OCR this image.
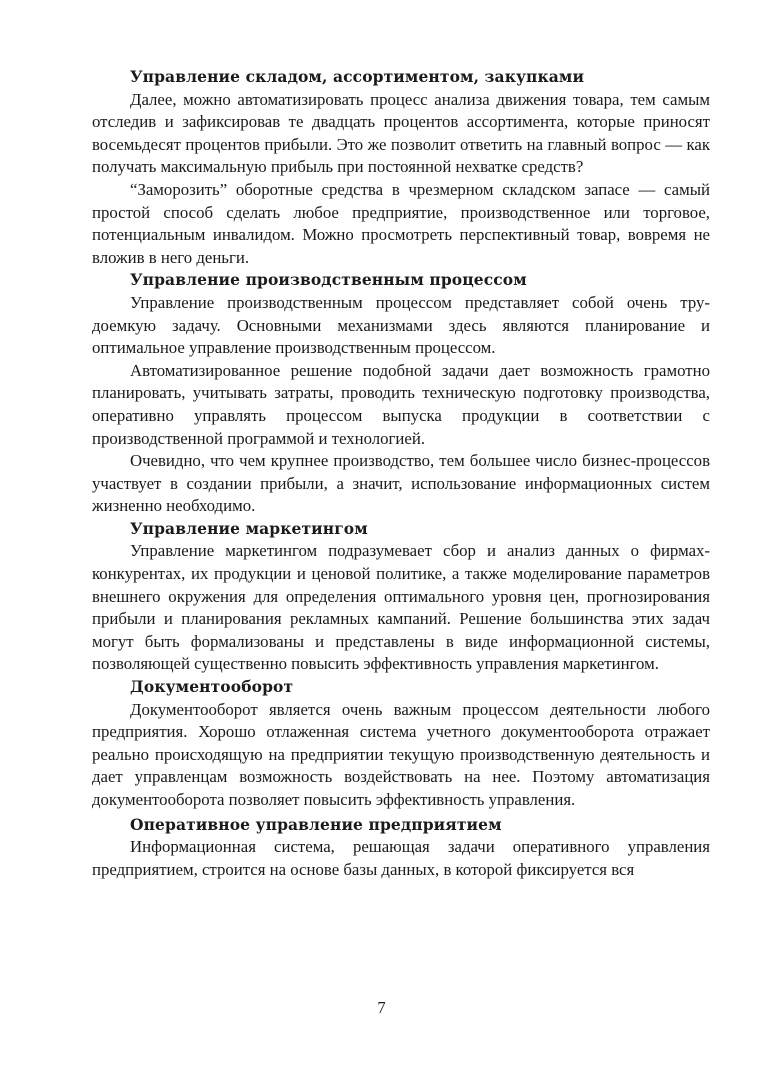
Управление складом, ассортиментом, закупками

Далее, можно автоматизировать процесс анализа движения товара, тем самым отследив и зафиксировав те двадцать процентов ассортимента, которые приносят восемьдесят процентов прибыли. Это же позволит ответить на главный вопрос — как получать максимальную прибыль при постоянной нехватке средств?

“Заморозить” оборотные средства в чрезмерном складском запасе — самый простой способ сделать любое предприятие, производственное или торговое, потенциальным инвалидом. Можно просмотреть перспективный товар, вовремя не вложив в него деньги.

Управление производственным процессом

Управление производственным процессом представляет собой очень трудоемкую задачу. Основными механизмами здесь являются планирование и оптимальное управление производственным процессом.

Автоматизированное решение подобной задачи дает возможность грамотно планировать, учитывать затраты, проводить техническую подготовку производства, оперативно управлять процессом выпуска продукции в соответствии с производственной программой и технологией.

Очевидно, что чем крупнее производство, тем большее число бизнес-процессов участвует в создании прибыли, а значит, использование информационных систем жизненно необходимо.

Управление маркетингом

Управление маркетингом подразумевает сбор и анализ данных о фирмах-конкурентах, их продукции и ценовой политике, а также моделирование параметров внешнего окружения для определения оптимального уровня цен, прогнозирования прибыли и планирования рекламных кампаний. Решение большинства этих задач могут быть формализованы и представлены в виде информационной системы, позволяющей существенно повысить эффективность управления маркетингом.

Документооборот

Документооборот является очень важным процессом деятельности любого предприятия. Хорошо отлаженная система учетного документооборота отражает реально происходящую на предприятии текущую производственную деятельность и дает управленцам возможность воздействовать на нее. Поэтому автоматизация документооборота позволяет повысить эффективность управления.

Оперативное управление предприятием

Информационная система, решающая задачи оперативного управления предприятием, строится на основе базы данных, в которой фиксируется вся

7
